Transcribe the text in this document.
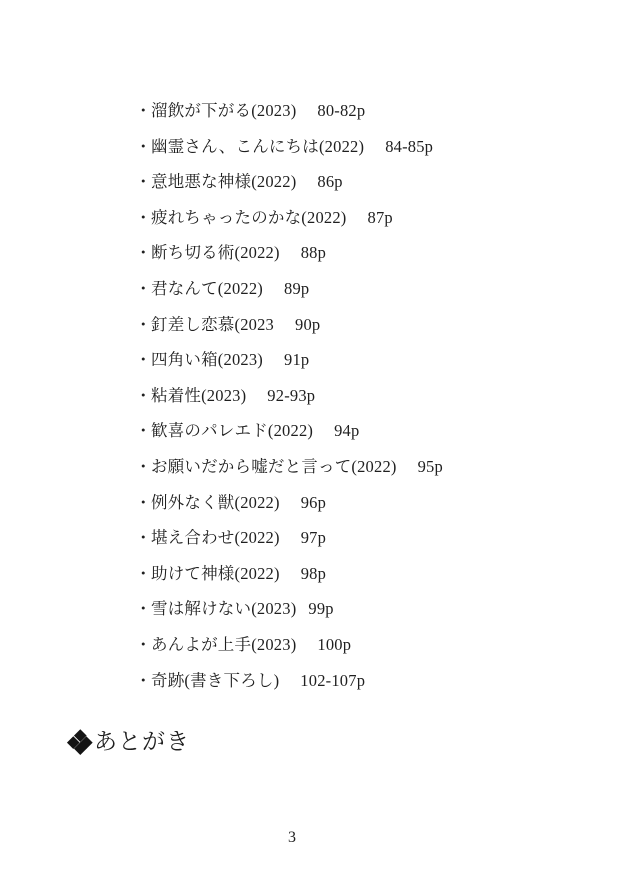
・溜飲が下がる(2023) 80-82p
・幽霊さん、こんにちは(2022) 84-85p
・意地悪な神様(2022) 86p
・疲れちゃったのかな(2022) 87p
・断ち切る術(2022) 88p
・君なんて(2022) 89p
・釘差し恋慕(2023 90p
・四角い箱(2023) 91p
・粘着性(2023) 92-93p
・歓喜のパレエド(2022) 94p
・お願いだから嘘だと言って(2022) 95p
・例外なく獣(2022) 96p
・堪え合わせ(2022) 97p
・助けて神様(2022) 98p
・雪は解けない(2023) 99p
・あんよが上手(2023) 100p
・奇跡(書き下ろし) 102-107p
あとがき
3
